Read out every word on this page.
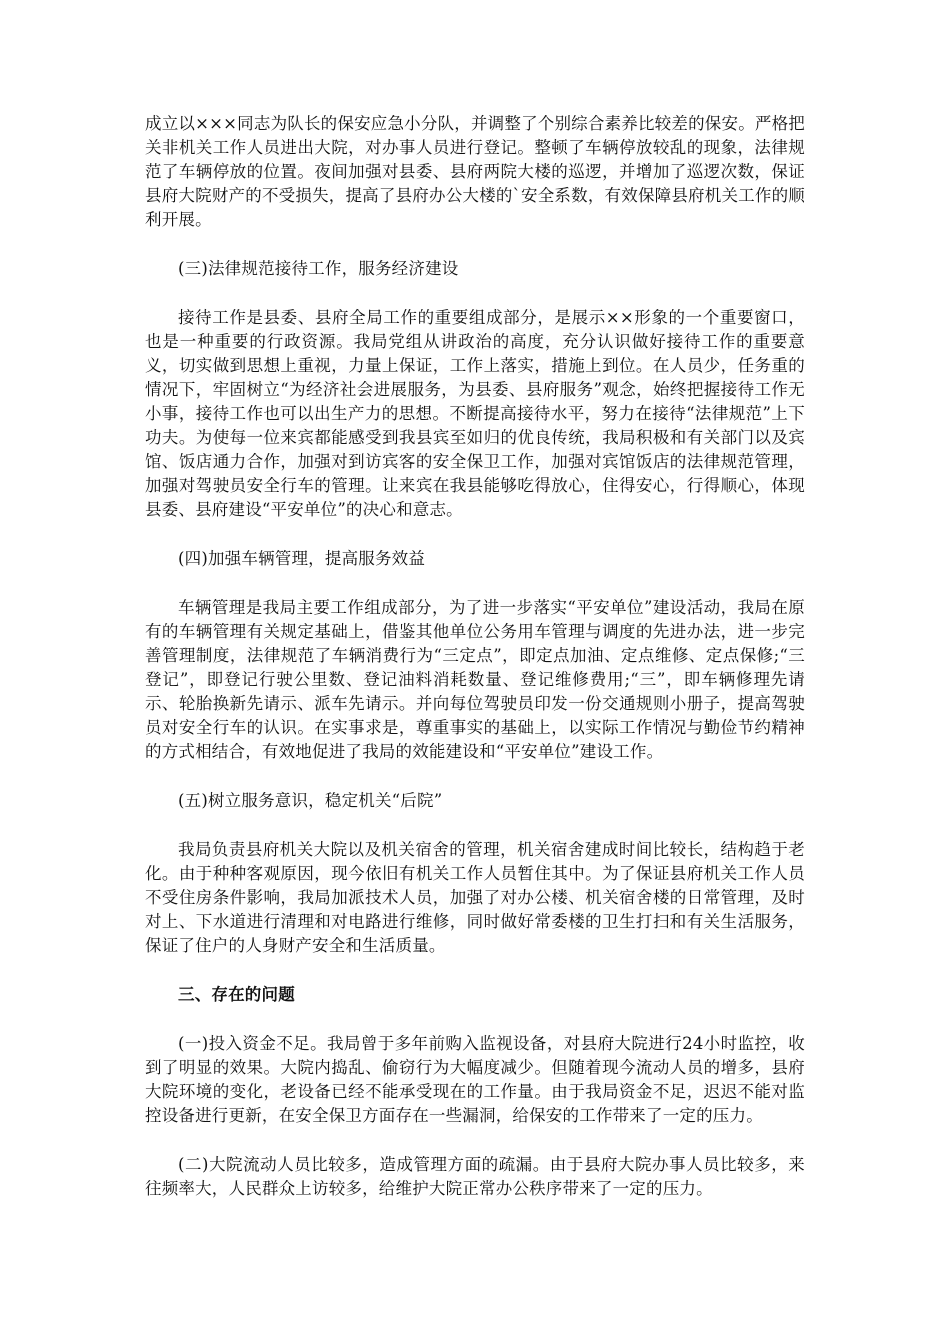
成立以×××同志为队长的保安应急小分队，并调整了个别综合素养比较差的保安。严格把关非机关工作人员进出大院，对办事人员进行登记。整顿了车辆停放较乱的现象，法律规范了车辆停放的位置。夜间加强对县委、县府两院大楼的巡逻，并增加了巡逻次数，保证县府大院财产的不受损失，提高了县府办公大楼的`安全系数，有效保障县府机关工作的顺利开展。

(三)法律规范接待工作，服务经济建设

接待工作是县委、县府全局工作的重要组成部分，是展示××形象的一个重要窗口，也是一种重要的行政资源。我局党组从讲政治的高度，充分认识做好接待工作的重要意义，切实做到思想上重视，力量上保证，工作上落实，措施上到位。在人员少，任务重的情况下，牢固树立“为经济社会进展服务，为县委、县府服务”观念，始终把握接待工作无小事，接待工作也可以出生产力的思想。不断提高接待水平，努力在接待“法律规范”上下功夫。为使每一位来宾都能感受到我县宾至如归的优良传统，我局积极和有关部门以及宾馆、饭店通力合作，加强对到访宾客的安全保卫工作，加强对宾馆饭店的法律规范管理，加强对驾驶员安全行车的管理。让来宾在我县能够吃得放心，住得安心，行得顺心，体现县委、县府建设“平安单位”的决心和意志。

(四)加强车辆管理，提高服务效益

车辆管理是我局主要工作组成部分，为了进一步落实“平安单位”建设活动，我局在原有的车辆管理有关规定基础上，借鉴其他单位公务用车管理与调度的先进办法，进一步完善管理制度，法律规范了车辆消费行为“三定点”，即定点加油、定点维修、定点保修;“三登记”，即登记行驶公里数、登记油料消耗数量、登记维修费用;“三”，即车辆修理先请示、轮胎换新先请示、派车先请示。并向每位驾驶员印发一份交通规则小册子，提高驾驶员对安全行车的认识。在实事求是，尊重事实的基础上，以实际工作情况与勤俭节约精神的方式相结合，有效地促进了我局的效能建设和“平安单位”建设工作。

(五)树立服务意识，稳定机关“后院”

我局负责县府机关大院以及机关宿舍的管理，机关宿舍建成时间比较长，结构趋于老化。由于种种客观原因，现今依旧有机关工作人员暂住其中。为了保证县府机关工作人员不受住房条件影响，我局加派技术人员，加强了对办公楼、机关宿舍楼的日常管理，及时对上、下水道进行清理和对电路进行维修，同时做好常委楼的卫生打扫和有关生活服务，保证了住户的人身财产安全和生活质量。

三、存在的问题

(一)投入资金不足。我局曾于多年前购入监视设备，对县府大院进行24小时监控，收到了明显的效果。大院内捣乱、偷窃行为大幅度减少。但随着现今流动人员的增多，县府大院环境的变化，老设备已经不能承受现在的工作量。由于我局资金不足，迟迟不能对监控设备进行更新，在安全保卫方面存在一些漏洞，给保安的工作带来了一定的压力。

(二)大院流动人员比较多，造成管理方面的疏漏。由于县府大院办事人员比较多，来往频率大，人民群众上访较多，给维护大院正常办公秩序带来了一定的压力。
